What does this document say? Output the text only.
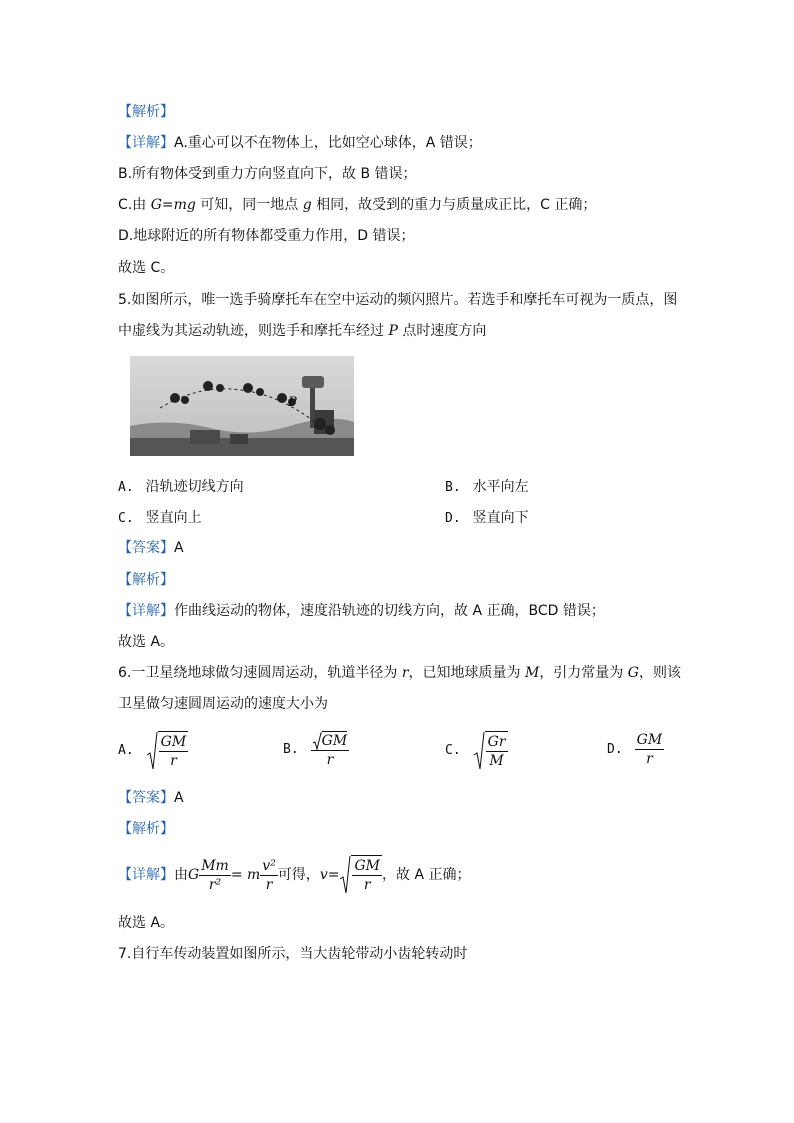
【解析】
【详解】A.重心可以不在物体上，比如空心球体，A 错误；
B.所有物体受到重力方向竖直向下，故 B 错误；
C.由 G=mg 可知，同一地点 g 相同，故受到的重力与质量成正比，C 正确；
D.地球附近的所有物体都受重力作用，D 错误；
故选 C。
5.如图所示，唯一选手骑摩托车在空中运动的频闪照片。若选手和摩托车可视为一质点，图
中虚线为其运动轨迹，则选手和摩托车经过 P 点时速度方向
P
A. 沿轨迹切线方向	B. 水平向左
C. 竖直向上	D. 竖直向下
【答案】A
【解析】
【详解】作曲线运动的物体，速度沿轨迹的切线方向，故 A 正确，BCD 错误；
故选 A。
6.一卫星绕地球做匀速圆周运动，轨道半径为 r，已知地球质量为 M，引力常量为 G，则该
卫星做匀速圆周运动的速度大小为
A. $\frac{GM}{r}$	B. $\frac{GM}{r}$	C. $\frac{Gr}{M}$	D. $\frac{GM}{r}$
【答案】A
【解析】
【详解】 由 G $\frac{Mm}{\text{r²}} = m \frac{\text{v²}}{r}$ 可得， $v = \frac{GM}{r}$ ，故 A 正确；
故选 A。
7.自行车传动装置如图所示，当大齿轮带动小齿轮转动时
